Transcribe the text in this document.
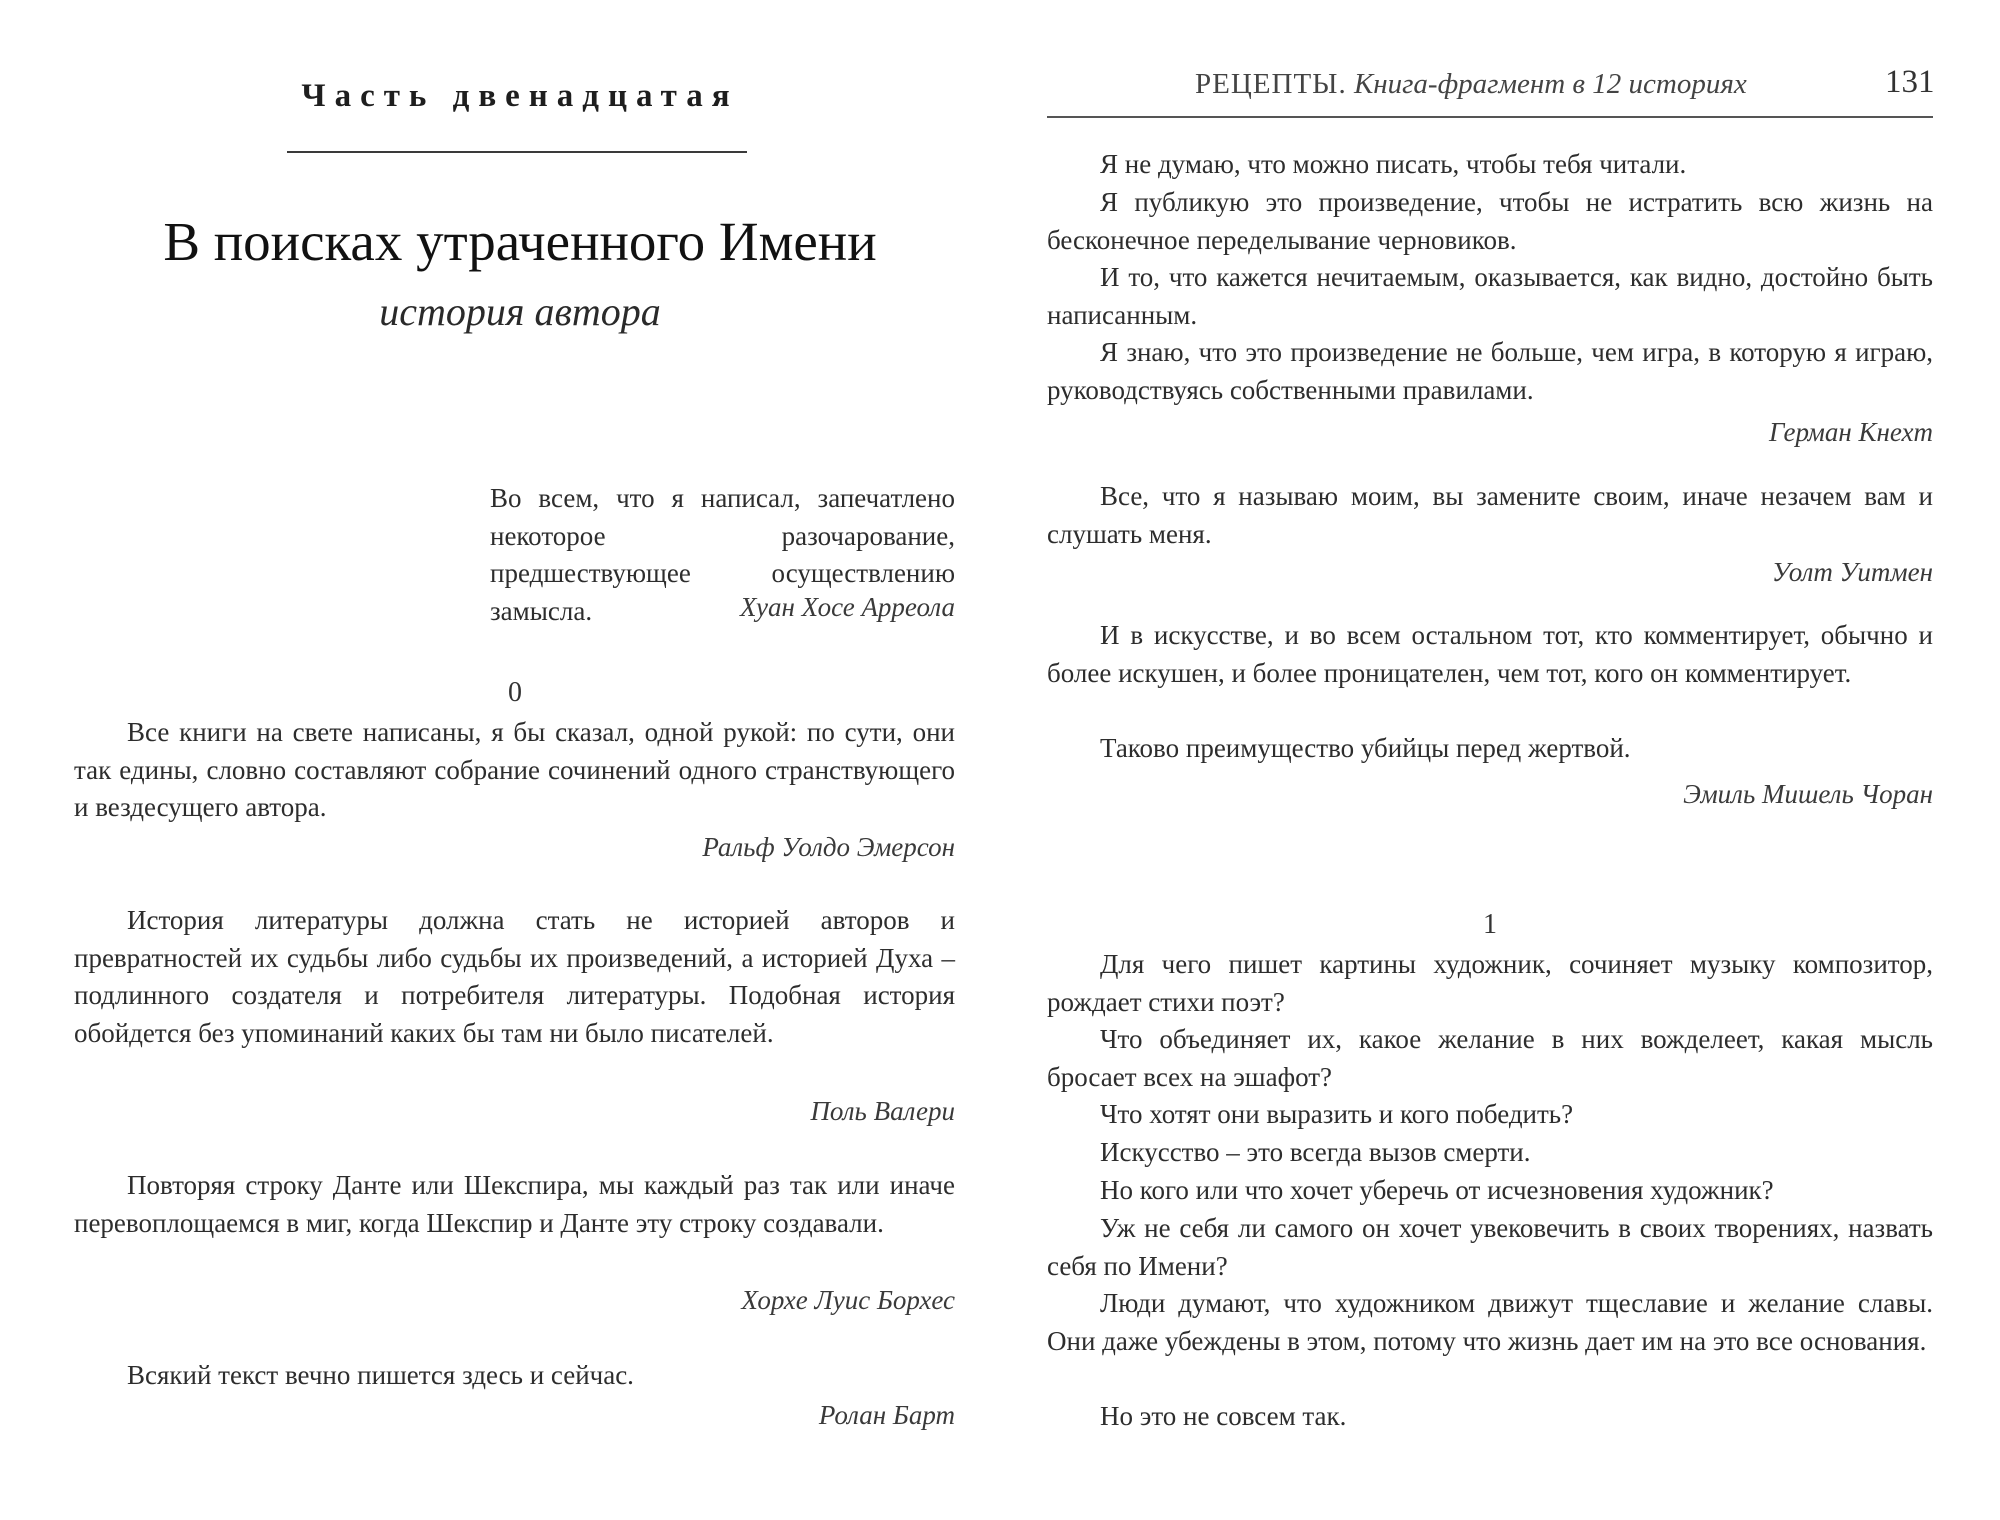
Часть двенадцатая
В поисках утраченного Имени
история автора
Во всем, что я написал, запечатлено некоторое разочарование, предшествующее осуществлению замысла.	Хуан Хосе Арреола
0
Все книги на свете написаны, я бы сказал, одной рукой: по сути, они так едины, словно составляют собрание сочинений одного странствующего и вездесущего автора.
Ральф Уолдо Эмерсон
История литературы должна стать не историей авторов и превратностей их судьбы либо судьбы их произведений, а историей Духа – подлинного создателя и потребителя литературы. Подобная история обойдется без упоминаний каких бы там ни было писателей.
Поль Валери
Повторяя строку Данте или Шекспира, мы каждый раз так или иначе перевоплощаемся в миг, когда Шекспир и Данте эту строку создавали.
Хорхе Луис Борхес
Всякий текст вечно пишется здесь и сейчас.
Ролан Барт
РЕЦЕПТЫ. Книга-фрагмент в 12 историях	131
Я не думаю, что можно писать, чтобы тебя читали.
Я публикую это произведение, чтобы не истратить всю жизнь на бесконечное переделывание черновиков.
И то, что кажется нечитаемым, оказывается, как видно, достойно быть написанным.
Я знаю, что это произведение не больше, чем игра, в которую я играю, руководствуясь собственными правилами.
Герман Кнехт
Все, что я называю моим, вы замените своим, иначе незачем вам и слушать меня.
Уолт Уитмен
И в искусстве, и во всем остальном тот, кто комментирует, обычно и более искушен, и более проницателен, чем тот, кого он комментирует.
Таково преимущество убийцы перед жертвой.
Эмиль Мишель Чоран
1
Для чего пишет картины художник, сочиняет музыку композитор, рождает стихи поэт?
Что объединяет их, какое желание в них вожделеет, какая мысль бросает всех на эшафот?
Что хотят они выразить и кого победить?
Искусство – это всегда вызов смерти.
Но кого или что хочет уберечь от исчезновения художник?
Уж не себя ли самого он хочет увековечить в своих творениях, назвать себя по Имени?
Люди думают, что художником движут тщеславие и желание славы. Они даже убеждены в этом, потому что жизнь дает им на это все основания.
Но это не совсем так.
